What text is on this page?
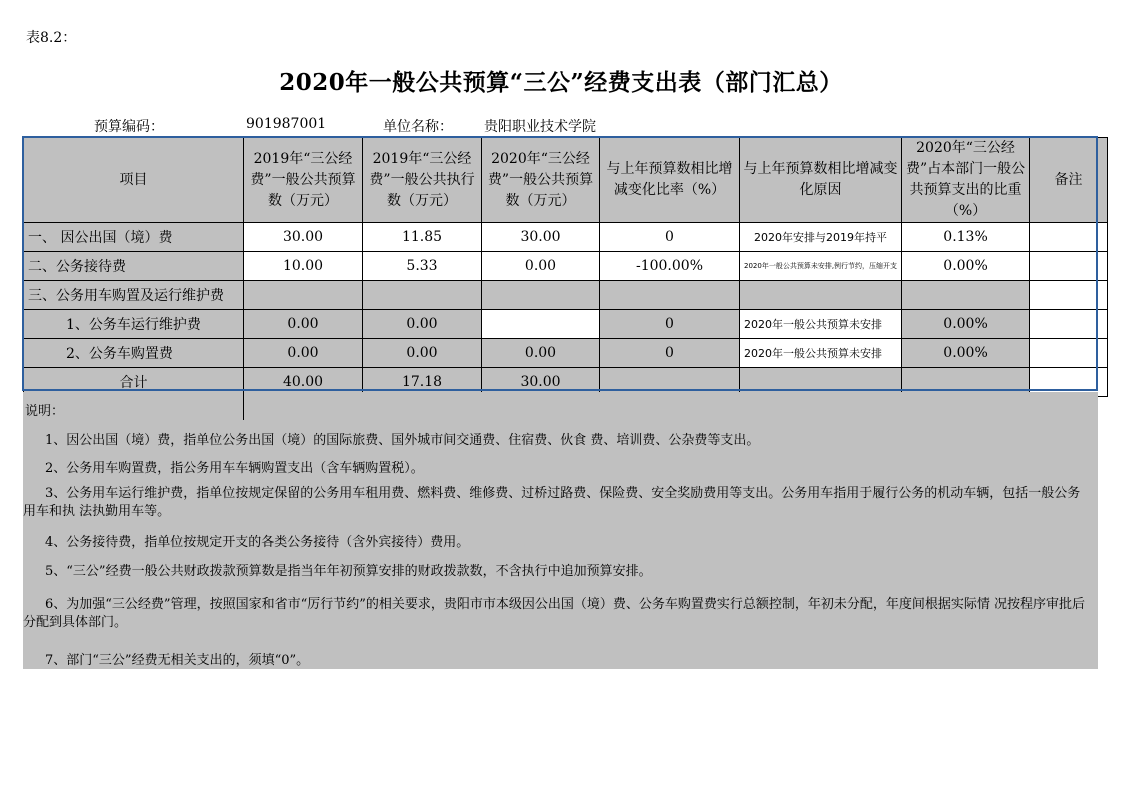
表8.2：
2020年一般公共预算“三公”经费支出表（部门汇总）
预算编码：	901987001	单位名称： 贵阳职业技术学院
项目	2019年“三公经费”一般公共预算数（万元）	2019年“三公经费”一般公共执行数（万元）	2020年“三公经费”一般公共预算数（万元）	与上年预算数相比增减变化比率（%）	与上年预算数相比增减变化原因	2020年“三公经费”占本部门一般公共预算支出的比重（%）	备注
一、 因公出国（境）费	30.00	11.85	30.00	0	2020年安排与2019年持平	0.13%	
二、公务接待费	10.00	5.33	0.00	-100.00%	2020年一般公共预算未安排,例行节约，压缩开支	0.00%	
三、公务用车购置及运行维护费							
1、公务车运行维护费	0.00	0.00		0	2020年一般公共预算未安排	0.00%	
2、公务车购置费	0.00	0.00	0.00	0	2020年一般公共预算未安排	0.00%	
合计	40.00	17.18	30.00				
说明：
1、因公出国（境）费，指单位公务出国（境）的国际旅费、国外城市间交通费、住宿费、伙食 费、培训费、公杂费等支出。
2、公务用车购置费，指公务用车车辆购置支出（含车辆购置税）。
3、公务用车运行维护费，指单位按规定保留的公务用车租用费、燃料费、维修费、过桥过路费、保险费、安全奖励费用等支出。公务用车指用于履行公务的机动车辆，包括一般公务用车和执 法执勤用车等。
4、公务接待费，指单位按规定开支的各类公务接待（含外宾接待）费用。
5、“三公”经费一般公共财政拨款预算数是指当年年初预算安排的财政拨款数，不含执行中追加预算安排。
6、为加强“三公经费”管理，按照国家和省市“厉行节约”的相关要求，贵阳市市本级因公出国（境）费、公务车购置费实行总额控制，年初未分配，年度间根据实际情 况按程序审批后分配到具体部门。
7、部门“三公”经费无相关支出的，须填“0”。
